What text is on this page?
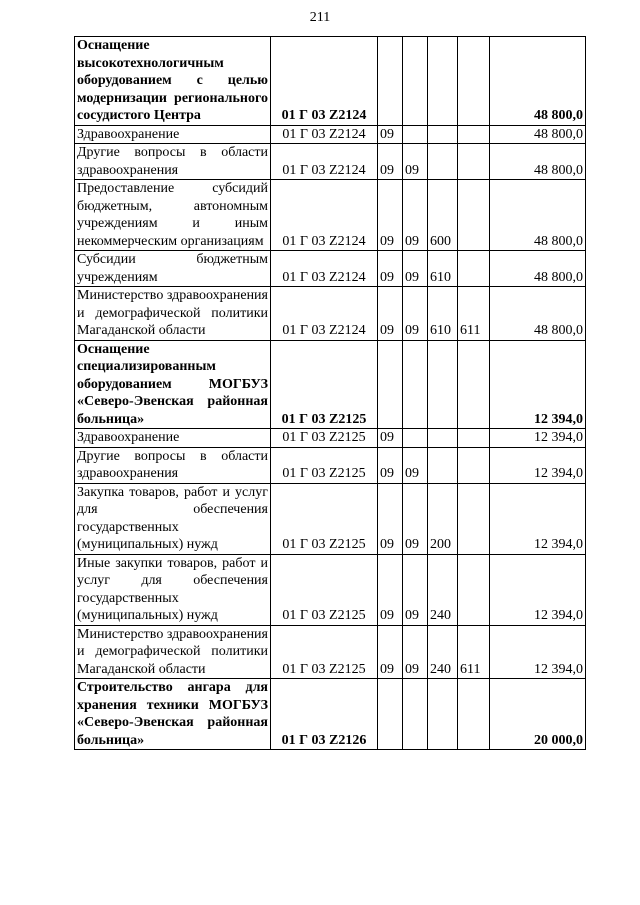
211
Оснащение высокотехнологичным оборудованием с целью модернизации регионального сосудистого Центра	01 Г 03 Z2124					48 800,0
Здравоохранение	01 Г 03 Z2124	09				48 800,0
Другие вопросы в области здравоохранения	01 Г 03 Z2124	09	09			48 800,0
Предоставление субсидий бюджетным, автономным учреждениям и иным некоммерческим организациям	01 Г 03 Z2124	09	09	600		48 800,0
Субсидии бюджетным учреждениям	01 Г 03 Z2124	09	09	610		48 800,0
Министерство здравоохранения и демографической политики Магаданской области	01 Г 03 Z2124	09	09	610	611	48 800,0
Оснащение специализированным оборудованием МОГБУЗ «Северо-Эвенская районная больница»	01 Г 03 Z2125					12 394,0
Здравоохранение	01 Г 03 Z2125	09				12 394,0
Другие вопросы в области здравоохранения	01 Г 03 Z2125	09	09			12 394,0
Закупка товаров, работ и услуг для обеспечения государственных (муниципальных) нужд	01 Г 03 Z2125	09	09	200		12 394,0
Иные закупки товаров, работ и услуг для обеспечения государственных (муниципальных) нужд	01 Г 03 Z2125	09	09	240		12 394,0
Министерство здравоохранения и демографической политики Магаданской области	01 Г 03 Z2125	09	09	240	611	12 394,0
Строительство ангара для хранения техники МОГБУЗ «Северо-Эвенская районная больница»	01 Г 03 Z2126					20 000,0
